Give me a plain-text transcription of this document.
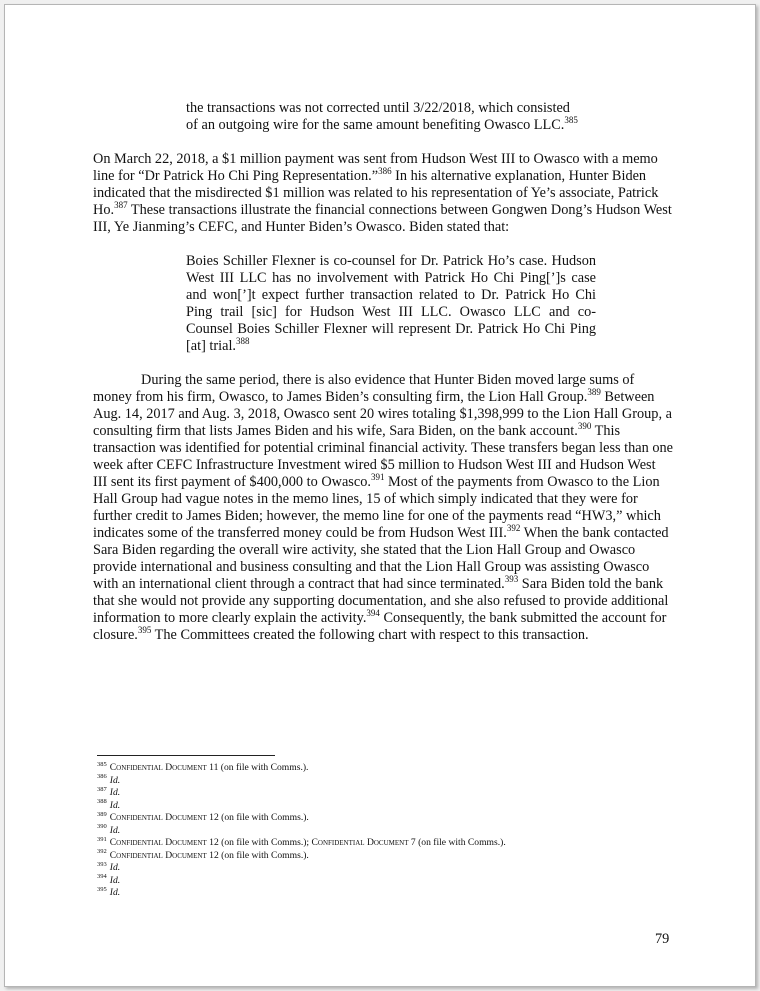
the transactions was not corrected until 3/22/2018, which consisted
of an outgoing wire for the same amount benefiting Owasco LLC.$^{385}$

On March 22, 2018, a $1 million payment was sent from Hudson West III to Owasco with a memo line for “Dr Patrick Ho Chi Ping Representation.”$^{386}$ In his alternative explanation, Hunter Biden indicated that the misdirected $1 million was related to his representation of Ye’s associate, Patrick Ho.$^{387}$ These transactions illustrate the financial connections between Gongwen Dong’s Hudson West III, Ye Jianming’s CEFC, and Hunter Biden’s Owasco. Biden stated that:

Boies Schiller Flexner is co-counsel for Dr. Patrick Ho’s case. Hudson West III LLC has no involvement with Patrick Ho Chi Ping[’]s case and won[’]t expect further transaction related to Dr. Patrick Ho Chi Ping trail [sic] for Hudson West III LLC. Owasco LLC and co- Counsel Boies Schiller Flexner will represent Dr. Patrick Ho Chi Ping [at] trial.$^{388}$

During the same period, there is also evidence that Hunter Biden moved large sums of money from his firm, Owasco, to James Biden’s consulting firm, the Lion Hall Group.$^{389}$ Between Aug. 14, 2017 and Aug. 3, 2018, Owasco sent 20 wires totaling $1,398,999 to the Lion Hall Group, a consulting firm that lists James Biden and his wife, Sara Biden, on the bank account.$^{390}$ This transaction was identified for potential criminal financial activity. These transfers began less than one week after CEFC Infrastructure Investment wired $5 million to Hudson West III and Hudson West III sent its first payment of $400,000 to Owasco.$^{391}$ Most of the payments from Owasco to the Lion Hall Group had vague notes in the memo lines, 15 of which simply indicated that they were for further credit to James Biden; however, the memo line for one of the payments read “HW3,” which indicates some of the transferred money could be from Hudson West III.$^{392}$ When the bank contacted Sara Biden regarding the overall wire activity, she stated that the Lion Hall Group and Owasco provide international and business consulting and that the Lion Hall Group was assisting Owasco with an international client through a contract that had since terminated.$^{393}$ Sara Biden told the bank that she would not provide any supporting documentation, and she also refused to provide additional information to more clearly explain the activity.$^{394}$ Consequently, the bank submitted the account for closure.$^{395}$ The Committees created the following chart with respect to this transaction.

$^{385}$ Confidential Document 11 (on file with Comms.).

$^{386}$ Id.

$^{387}$ Id.

$^{388}$ Id.

$^{389}$ Confidential Document 12 (on file with Comms.).

$^{390}$ Id.

$^{391}$ Confidential Document 12 (on file with Comms.); Confidential Document 7 (on file with Comms.).

$^{392}$ Confidential Document 12 (on file with Comms.).

$^{393}$ Id.

$^{394}$ Id.

$^{395}$ Id.

79
